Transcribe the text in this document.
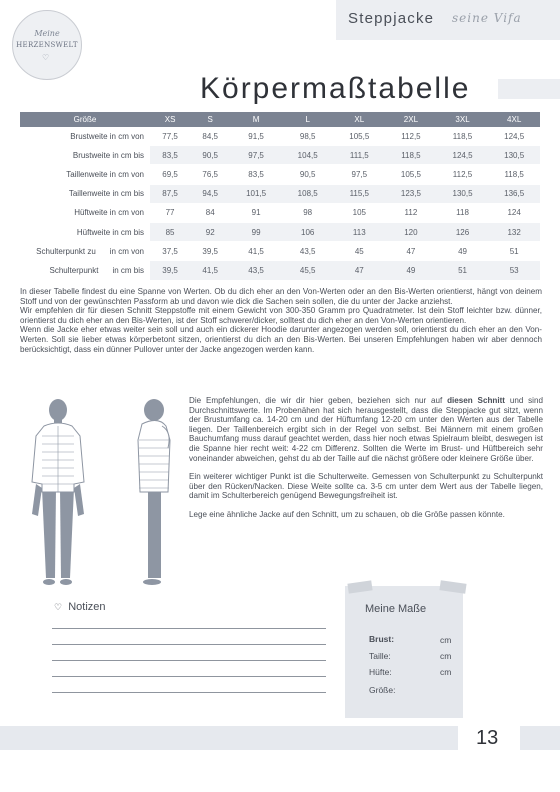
Meine
HERZENSWELT
♡
Steppjacke seine Vifa
Körpermaßtabelle
Größe	XS	S	M	L	XL	2XL	3XL	4XL
Brustweite in cm von	77,5	84,5	91,5	98,5	105,5	112,5	118,5	124,5
Brustweite in cm bis	83,5	90,5	97,5	104,5	111,5	118,5	124,5	130,5
Taillenweite in cm von	69,5	76,5	83,5	90,5	97,5	105,5	112,5	118,5
Taillenweite in cm bis	87,5	94,5	101,5	108,5	115,5	123,5	130,5	136,5
Hüftweite in cm von	77	84	91	98	105	112	118	124
Hüftweite in cm bis	85	92	99	106	113	120	126	132
Schulterpunkt zu in cm von	37,5	39,5	41,5	43,5	45	47	49	51
Schulterpunkt in cm bis	39,5	41,5	43,5	45,5	47	49	51	53
In dieser Tabelle findest du eine Spanne von Werten. Ob du dich eher an den Von-Werten oder an den Bis-Werten orientierst, hängt von deinem Stoff und von der gewünschten Passform ab und davon wie dick die Sachen sein sollen, die du unter der Jacke anziehst.
Wir empfehlen dir für diesen Schnitt Steppstoffe mit einem Gewicht von 300-350 Gramm pro Quadratmeter. Ist dein Stoff leichter bzw. dünner, orientierst du dich eher an den Bis-Werten, ist der Stoff schwerer/dicker, solltest du dich eher an den Von-Werten orientieren.
Wenn die Jacke eher etwas weiter sein soll und auch ein dickerer Hoodie darunter angezogen werden soll, orientierst du dich eher an den Von-Werten. Soll sie lieber etwas körperbetont sitzen, orientierst du dich an den Bis-Werten. Bei unseren Empfehlungen haben wir aber dennoch berücksichtigt, dass ein dünner Pullover unter der Jacke angezogen werden kann.
Die Empfehlungen, die wir dir hier geben, beziehen sich nur auf diesen Schnitt und sind Durchschnittswerte. Im Probenähen hat sich herausgestellt, dass die Steppjacke gut sitzt, wenn der Brustumfang ca. 14-20 cm und der Hüftumfang 12-20 cm unter den Werten aus der Tabelle liegen. Der Taillenbereich ergibt sich in der Regel von selbst. Bei Männern mit einem großen Bauchumfang muss darauf geachtet werden, dass hier noch etwas Spielraum bleibt, deswegen ist die Spanne hier recht weit: 4-22 cm Differenz. Sollten die Werte im Brust- und Hüftbereich sehr voneinander abweichen, gehst du ab der Taille auf die nächst größere oder kleinere Größe über.
Ein weiterer wichtiger Punkt ist die Schulterweite. Gemessen von Schulterpunkt zu Schulterpunkt über den Rücken/Nacken. Diese Weite sollte ca. 3-5 cm unter dem Wert aus der Tabelle liegen, damit im Schulterbereich genügend Bewegungsfreiheit ist.
Lege eine ähnliche Jacke auf den Schnitt, um zu schauen, ob die Größe passen könnte.
♡ Notizen	Meine Maße
Brust:	cm
Taille:	cm
Hüfte:	cm
Größe:
13
